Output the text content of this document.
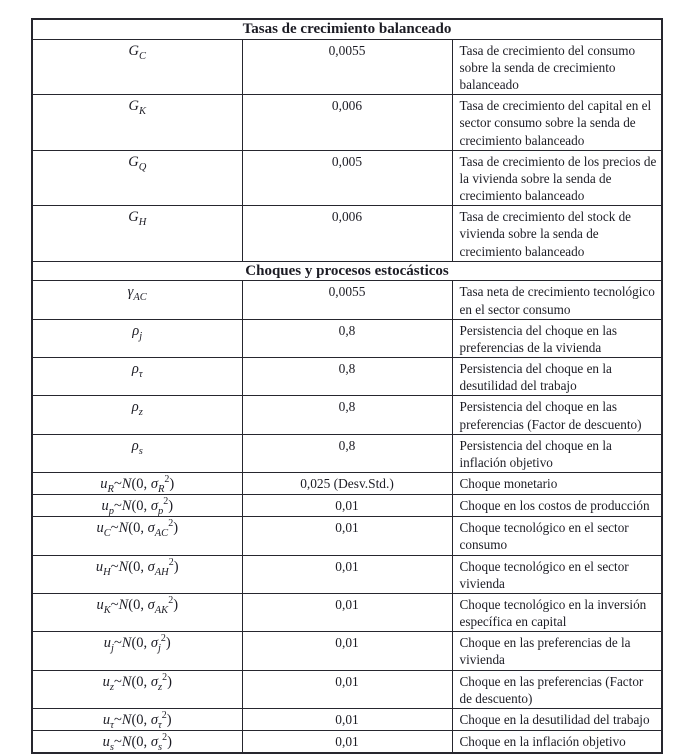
Tasas de crecimiento balanceado		
$G_C$	0,0055	Tasa de crecimiento del consumo sobre la senda de crecimiento balanceado
$G_K$	0,006	Tasa de crecimiento del capital en el sector consumo sobre la senda de crecimiento balanceado
$G_Q$	0,005	Tasa de crecimiento de los precios de la vivienda sobre la senda de crecimiento balanceado
$G_H$	0,006	Tasa de crecimiento del stock de vivienda sobre la senda de crecimiento balanceado
Choques y procesos estocásticos		
$\gamma_{AC}$	0,0055	Tasa neta de crecimiento tecnológico en el sector consumo
$\rho_j$	0,8	Persistencia del choque en las preferencias de la vivienda
$\rho_\tau$	0,8	Persistencia del choque en la desutilidad del trabajo
$\rho_z$	0,8	Persistencia del choque en las preferencias (Factor de descuento)
$\rho_s$	0,8	Persistencia del choque en la inflación objetivo
$u_R\sim N(0$, $\sigma_R^2$)	0,025 (Desv.Std.)	Choque monetario
$u_p\sim N(0$, $\sigma_p^2$)	0,01	Choque en los costos de producción
$u_C\sim N(0$, $\sigma_{AC}^2$)	0,01	Choque tecnológico en el sector consumo
$u_H\sim N(0$, $\sigma_{AH}^2$)	0,01	Choque tecnológico en el sector vivienda
$u_K\sim N(0$, $\sigma_{AK}^2$)	0,01	Choque tecnológico en la inversión específica en capital
$u_j\sim N(0$, $\sigma_j^2$)	0,01	Choque en las preferencias de la vivienda
$u_z\sim N(0$, $\sigma_z^2$)	0,01	Choque en las preferencias (Factor de descuento)
$u_\tau\sim N(0$, $\sigma_\tau^2$)	0,01	Choque en la desutilidad del trabajo
$u_s\sim N(0$, $\sigma_s^2$)	0,01	Choque en la inflación objetivo
